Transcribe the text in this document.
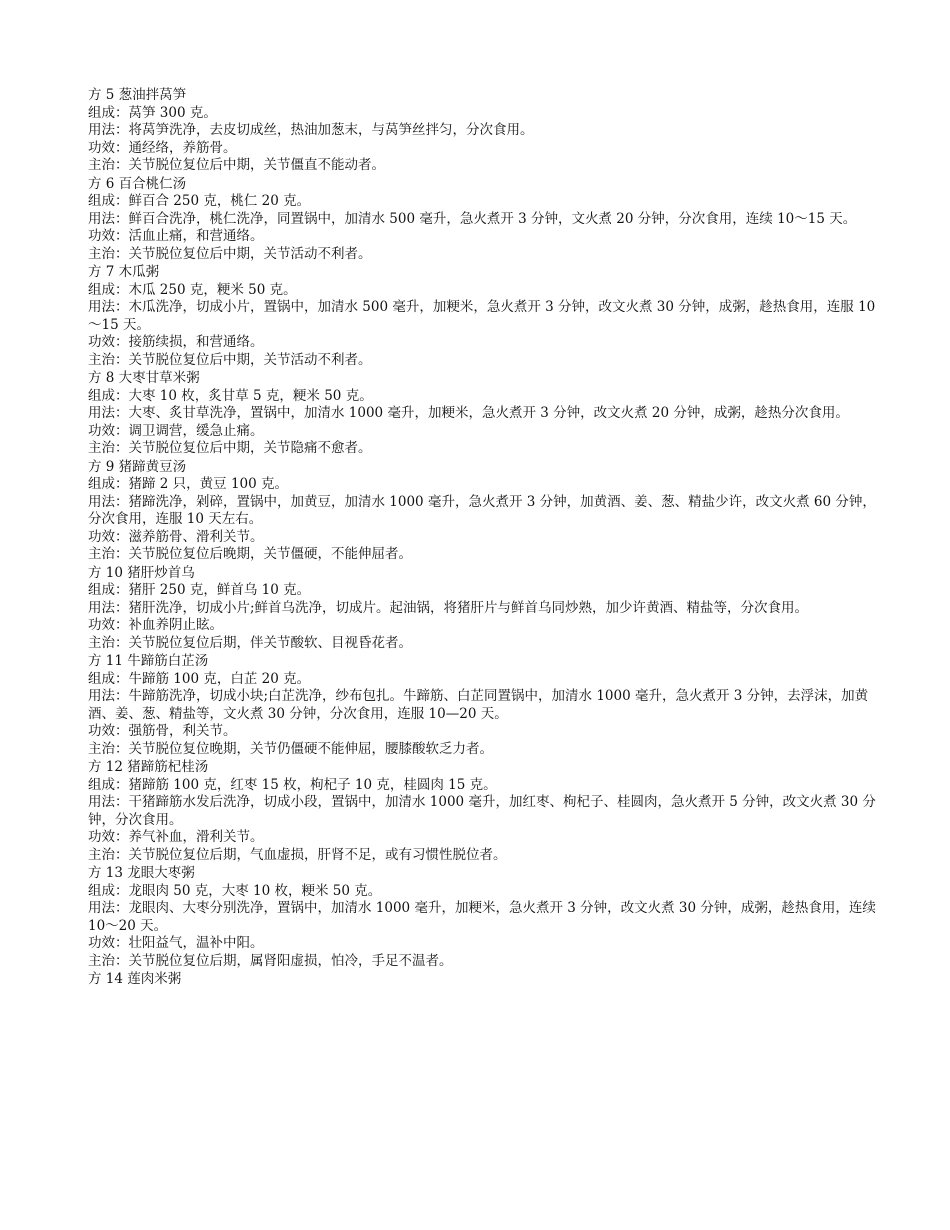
方 5 葱油拌莴笋

组成：莴笋 300 克。

用法：将莴笋洗净，去皮切成丝，热油加葱末，与莴笋丝拌匀，分次食用。

功效：通经络，养筋骨。

主治：关节脱位复位后中期，关节僵直不能动者。

方 6 百合桃仁汤

组成：鲜百合 250 克，桃仁 20 克。

用法：鲜百合洗净，桃仁洗净，同置锅中，加清水 500 毫升，急火煮开 3 分钟，文火煮 20 分钟，分次食用，连续 10～15 天。

功效：活血止痛，和营通络。

主治：关节脱位复位后中期，关节活动不利者。

方 7 木瓜粥

组成：木瓜 250 克，粳米 50 克。

用法：木瓜洗净，切成小片，置锅中，加清水 500 毫升，加粳米，急火煮开 3 分钟，改文火煮 30 分钟，成粥，趁热食用，连服 10～15 天。

功效：接筋续损，和营通络。

主治：关节脱位复位后中期，关节活动不利者。

方 8 大枣甘草米粥

组成：大枣 10 枚，炙甘草 5 克，粳米 50 克。

用法：大枣、炙甘草洗净，置锅中，加清水 1000 毫升，加粳米，急火煮开 3 分钟，改文火煮 20 分钟，成粥，趁热分次食用。

功效：调卫调营，缓急止痛。

主治：关节脱位复位后中期，关节隐痛不愈者。

方 9 猪蹄黄豆汤

组成：猪蹄 2 只，黄豆 100 克。

用法：猪蹄洗净，剁碎，置锅中，加黄豆，加清水 1000 毫升，急火煮开 3 分钟，加黄酒、姜、葱、精盐少许，改文火煮 60 分钟，分次食用，连服 10 天左右。

功效：滋养筋骨、滑利关节。

主治：关节脱位复位后晚期，关节僵硬，不能伸屈者。

方 10 猪肝炒首乌

组成：猪肝 250 克，鲜首乌 10 克。

用法：猪肝洗净，切成小片;鲜首乌洗净，切成片。起油锅，将猪肝片与鲜首乌同炒熟，加少许黄酒、精盐等，分次食用。

功效：补血养阴止眩。

主治：关节脱位复位后期，伴关节酸软、目视昏花者。

方 11 牛蹄筋白芷汤

组成：牛蹄筋 100 克，白芷 20 克。

用法：牛蹄筋洗净，切成小块;白芷洗净，纱布包扎。牛蹄筋、白芷同置锅中，加清水 1000 毫升，急火煮开 3 分钟，去浮沫，加黄酒、姜、葱、精盐等，文火煮 30 分钟，分次食用，连服 10—20 天。

功效：强筋骨，利关节。

主治：关节脱位复位晚期，关节仍僵硬不能伸屈，腰膝酸软乏力者。

方 12 猪蹄筋杞桂汤

组成：猪蹄筋 100 克，红枣 15 枚，枸杞子 10 克，桂圆肉 15 克。

用法：干猪蹄筋水发后洗净，切成小段，置锅中，加清水 1000 毫升，加红枣、枸杞子、桂圆肉，急火煮开 5 分钟，改文火煮 30 分钟，分次食用。

功效：养气补血，滑利关节。

主治：关节脱位复位后期，气血虚损，肝肾不足，或有习惯性脱位者。

方 13 龙眼大枣粥

组成：龙眼肉 50 克，大枣 10 枚，粳米 50 克。

用法：龙眼肉、大枣分别洗净，置锅中，加清水 1000 毫升，加粳米，急火煮开 3 分钟，改文火煮 30 分钟，成粥，趁热食用，连续 10～20 天。

功效：壮阳益气，温补中阳。

主治：关节脱位复位后期，属肾阳虚损，怕冷，手足不温者。

方 14 莲肉米粥
